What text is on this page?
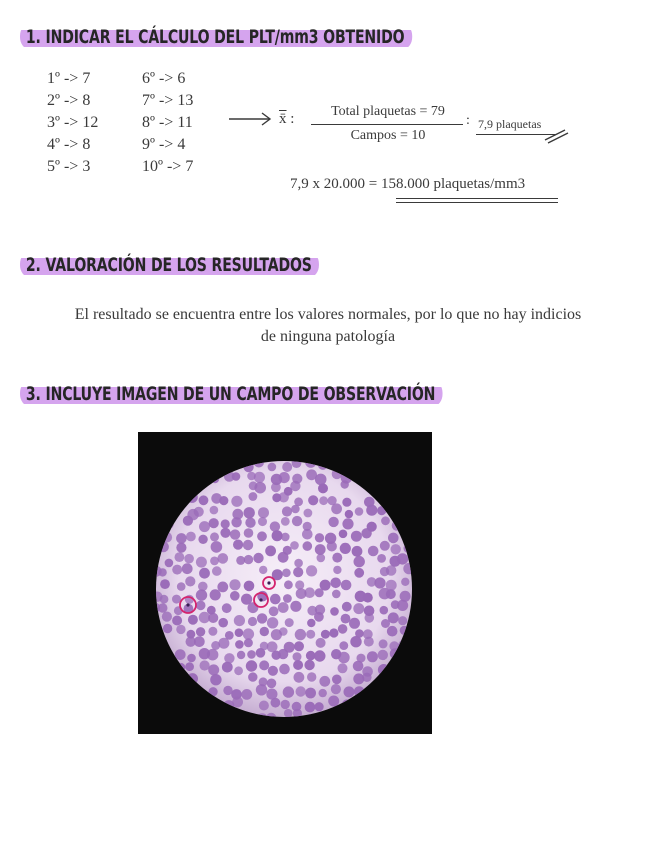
1. INDICAR EL CÁLCULO DEL PLT/mm3 OBTENIDO
1º -> 7
2º -> 8
3º -> 12
4º -> 8
5º -> 3
6º -> 6
7º -> 13
8º -> 11
9º -> 4
10º -> 7
x̄ :	Total plaquetas = 79
Campos = 10
: 7,9 plaquetas
7,9 x 20.000 = 158.000 plaquetas/mm3
2. VALORACIÓN DE LOS RESULTADOS
El resultado se encuentra entre los valores normales, por lo que no hay indicios
de ninguna patología
3. INCLUYE IMAGEN DE UN CAMPO DE OBSERVACIÓN
